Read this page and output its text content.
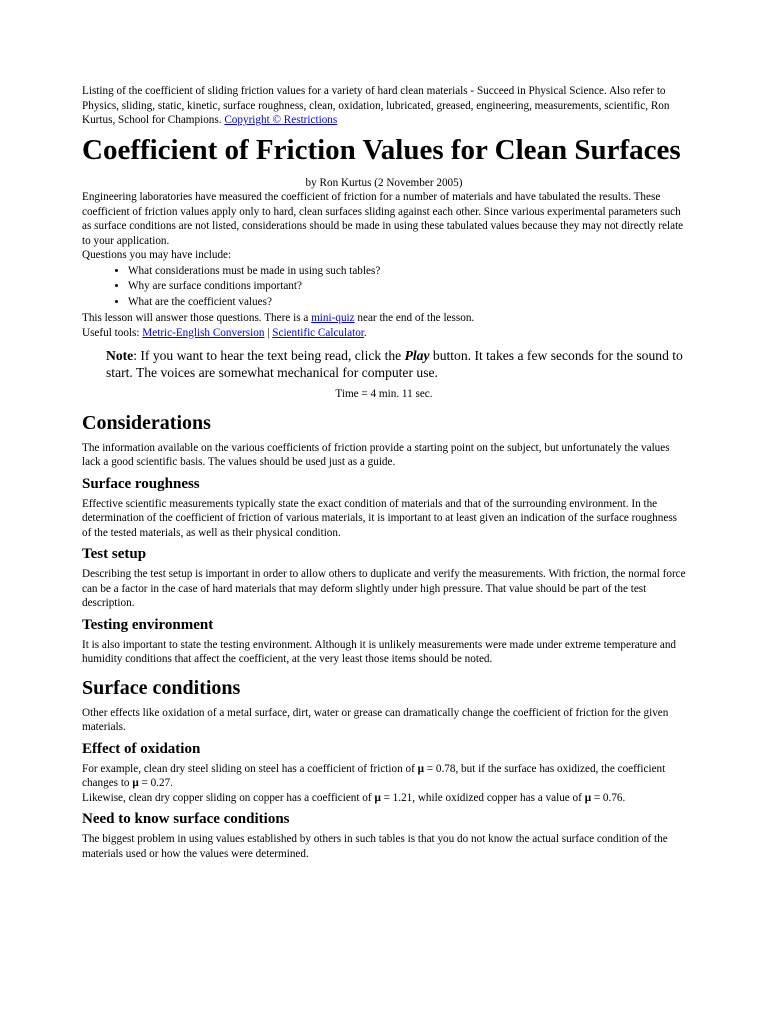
Listing of the coefficient of sliding friction values for a variety of hard clean materials - Succeed in Physical Science. Also refer to Physics, sliding, static, kinetic, surface roughness, clean, oxidation, lubricated, greased, engineering, measurements, scientific, Ron Kurtus, School for Champions. Copyright © Restrictions

Coefficient of Friction Values for Clean Surfaces

by Ron Kurtus (2 November 2005)

Engineering laboratories have measured the coefficient of friction for a number of materials and have tabulated the results. These coefficient of friction values apply only to hard, clean surfaces sliding against each other. Since various experimental parameters such as surface conditions are not listed, considerations should be made in using these tabulated values because they may not directly relate to your application.

Questions you may have include:

• What considerations must be made in using such tables?
• Why are surface conditions important?
• What are the coefficient values?

This lesson will answer those questions. There is a mini-quiz near the end of the lesson.

Useful tools: Metric-English Conversion | Scientific Calculator.

Note: If you want to hear the text being read, click the Play button. It takes a few seconds for the sound to start. The voices are somewhat mechanical for computer use.

Time = 4 min. 11 sec.

Considerations

The information available on the various coefficients of friction provide a starting point on the subject, but unfortunately the values lack a good scientific basis. The values should be used just as a guide.

Surface roughness

Effective scientific measurements typically state the exact condition of materials and that of the surrounding environment. In the determination of the coefficient of friction of various materials, it is important to at least given an indication of the surface roughness of the tested materials, as well as their physical condition.

Test setup

Describing the test setup is important in order to allow others to duplicate and verify the measurements. With friction, the normal force can be a factor in the case of hard materials that may deform slightly under high pressure. That value should be part of the test description.

Testing environment

It is also important to state the testing environment. Although it is unlikely measurements were made under extreme temperature and humidity conditions that affect the coefficient, at the very least those items should be noted.

Surface conditions

Other effects like oxidation of a metal surface, dirt, water or grease can dramatically change the coefficient of friction for the given materials.

Effect of oxidation

For example, clean dry steel sliding on steel has a coefficient of friction of μ = 0.78, but if the surface has oxidized, the coefficient changes to μ = 0.27.

Likewise, clean dry copper sliding on copper has a coefficient of μ = 1.21, while oxidized copper has a value of μ = 0.76.

Need to know surface conditions

The biggest problem in using values established by others in such tables is that you do not know the actual surface condition of the materials used or how the values were determined.
